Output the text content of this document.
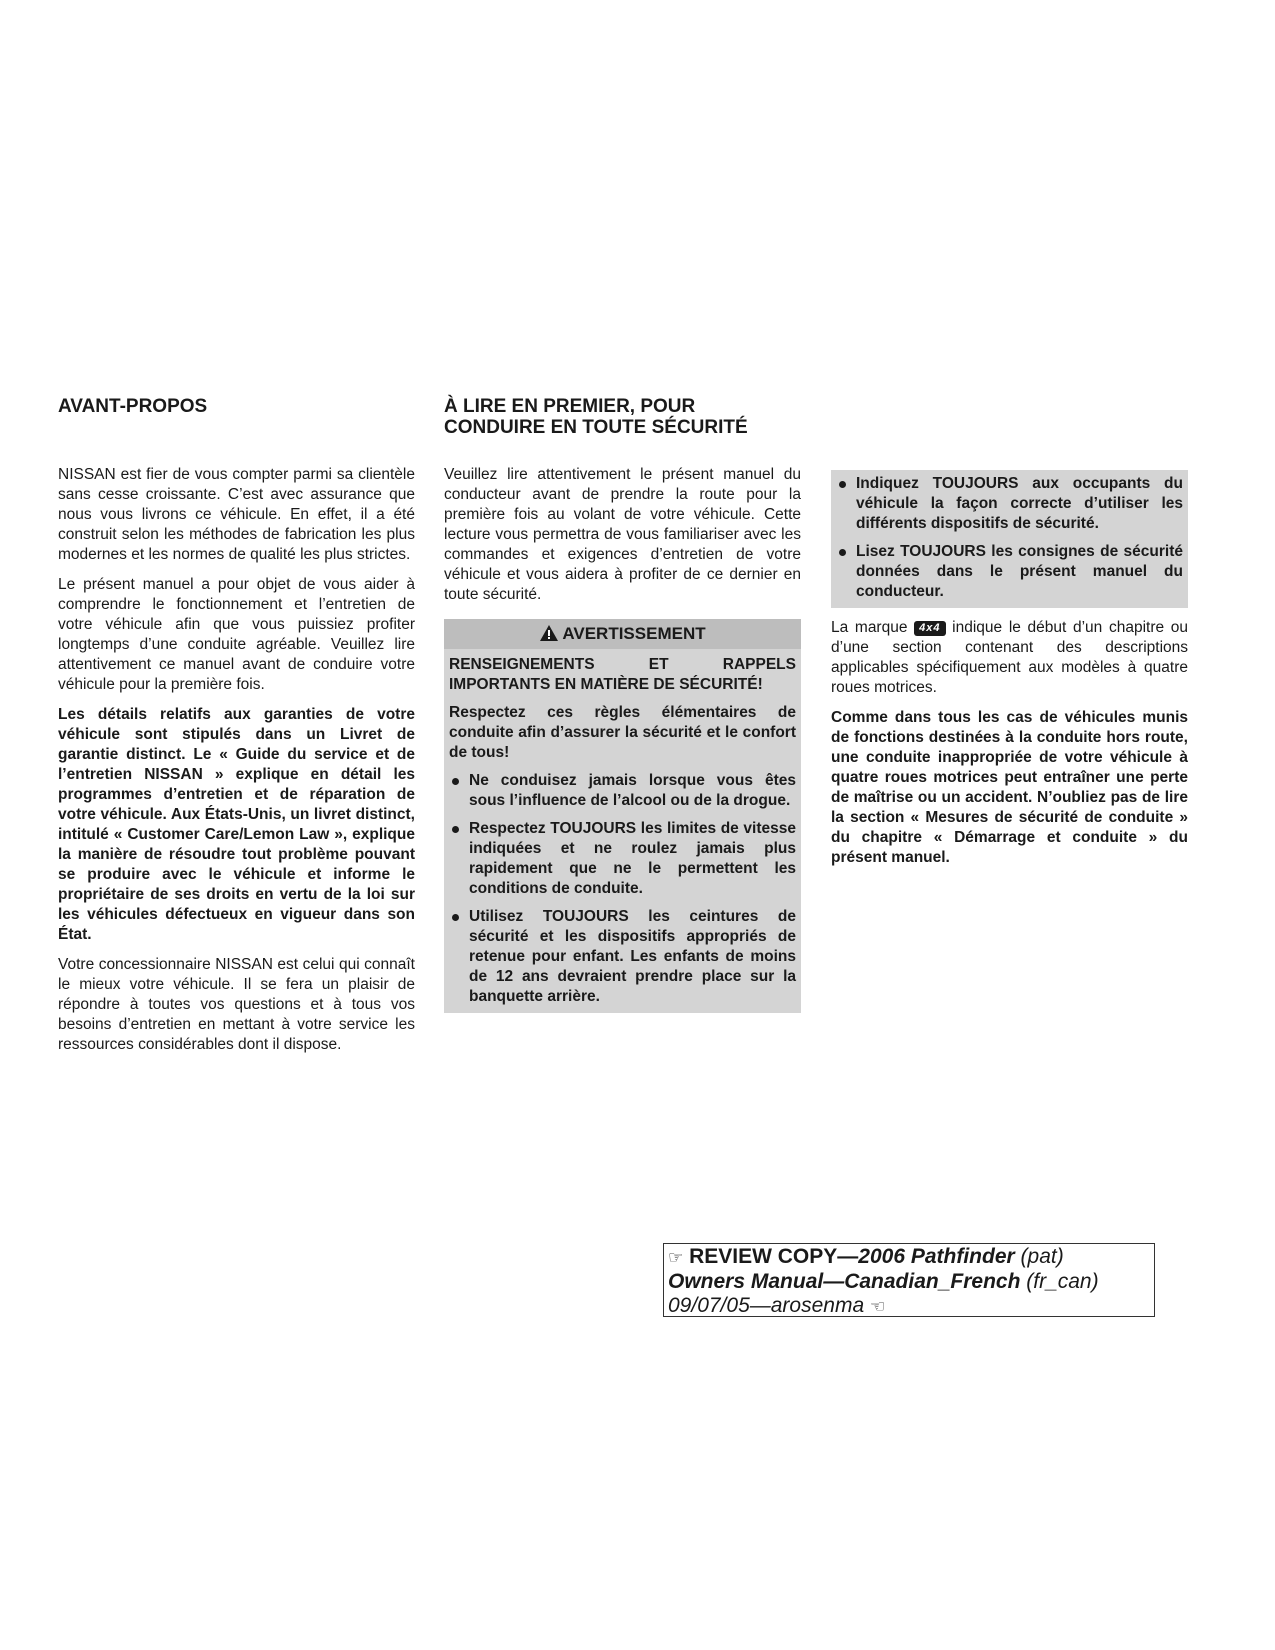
AVANT-PROPOS

NISSAN est fier de vous compter parmi sa clientèle sans cesse croissante. C’est avec assurance que nous vous livrons ce véhicule. En effet, il a été construit selon les méthodes de fabrication les plus modernes et les normes de qualité les plus strictes.

Le présent manuel a pour objet de vous aider à comprendre le fonctionnement et l’entretien de votre véhicule afin que vous puissiez profiter longtemps d’une conduite agréable. Veuillez lire attentivement ce manuel avant de conduire votre véhicule pour la première fois.

Les détails relatifs aux garanties de votre véhicule sont stipulés dans un Livret de garantie distinct. Le « Guide du service et de l’entretien NISSAN » explique en détail les programmes d’entretien et de réparation de votre véhicule. Aux États-Unis, un livret distinct, intitulé « Customer Care/Lemon Law », explique la manière de résoudre tout problème pouvant se produire avec le véhicule et informe le propriétaire de ses droits en vertu de la loi sur les véhicules défectueux en vigueur dans son État.

Votre concessionnaire NISSAN est celui qui connaît le mieux votre véhicule. Il se fera un plaisir de répondre à toutes vos questions et à tous vos besoins d’entretien en mettant à votre service les ressources considérables dont il dispose.

À LIRE EN PREMIER, POUR
CONDUIRE EN TOUTE SÉCURITÉ

Veuillez lire attentivement le présent manuel du conducteur avant de prendre la route pour la première fois au volant de votre véhicule. Cette lecture vous permettra de vous familiariser avec les commandes et exigences d’entretien de votre véhicule et vous aidera à profiter de ce dernier en toute sécurité.

AVERTISSEMENT

RENSEIGNEMENTS ET RAPPELS IMPORTANTS EN MATIÈRE DE SÉCURITÉ!

Respectez ces règles élémentaires de conduite afin d’assurer la sécurité et le confort de tous!

Ne conduisez jamais lorsque vous êtes sous l’influence de l’alcool ou de la drogue.
Respectez TOUJOURS les limites de vitesse indiquées et ne roulez jamais plus rapidement que ne le permettent les conditions de conduite.
Utilisez TOUJOURS les ceintures de sécurité et les dispositifs appropriés de retenue pour enfant. Les enfants de moins de 12 ans devraient prendre place sur la banquette arrière.
Indiquez TOUJOURS aux occupants du véhicule la façon correcte d’utiliser les différents dispositifs de sécurité.
Lisez TOUJOURS les consignes de sécurité données dans le présent manuel du conducteur.

La marque 4x4 indique le début d’un chapitre ou d’une section contenant des descriptions applicables spécifiquement aux modèles à quatre roues motrices.

Comme dans tous les cas de véhicules munis de fonctions destinées à la conduite hors route, une conduite inappropriée de votre véhicule à quatre roues motrices peut entraîner une perte de maîtrise ou un accident. N’oubliez pas de lire la section « Mesures de sécurité de conduite » du chapitre « Démarrage et conduite » du présent manuel.

☞ REVIEW COPY—2006 Pathfinder (pat)
Owners Manual—Canadian_French (fr_can)
09/07/05—arosenma ☜
